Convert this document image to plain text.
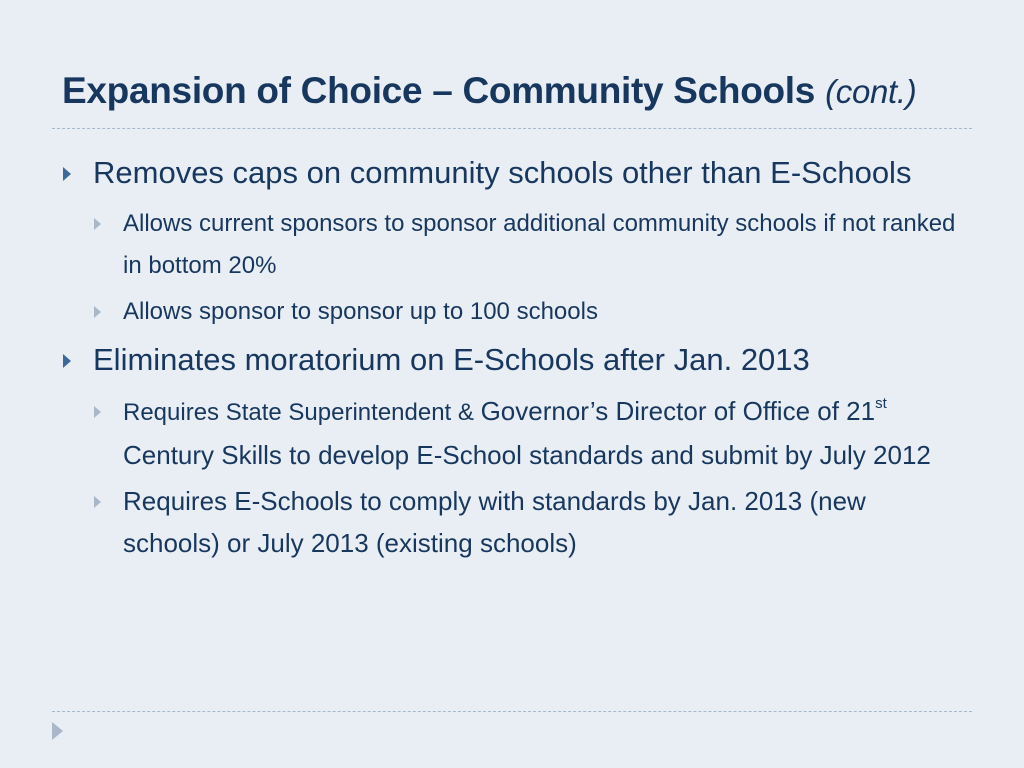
Expansion of Choice – Community Schools (cont.)
Removes caps on community schools other than E-Schools
Allows current sponsors to sponsor additional community schools if not ranked in bottom 20%
Allows sponsor to sponsor up to 100 schools
Eliminates moratorium on E-Schools after Jan. 2013
Requires State Superintendent & Governor’s Director of Office of 21st Century Skills to develop E-School standards and submit by July 2012
Requires E-Schools to comply with standards by Jan. 2013 (new schools) or July 2013 (existing schools)
